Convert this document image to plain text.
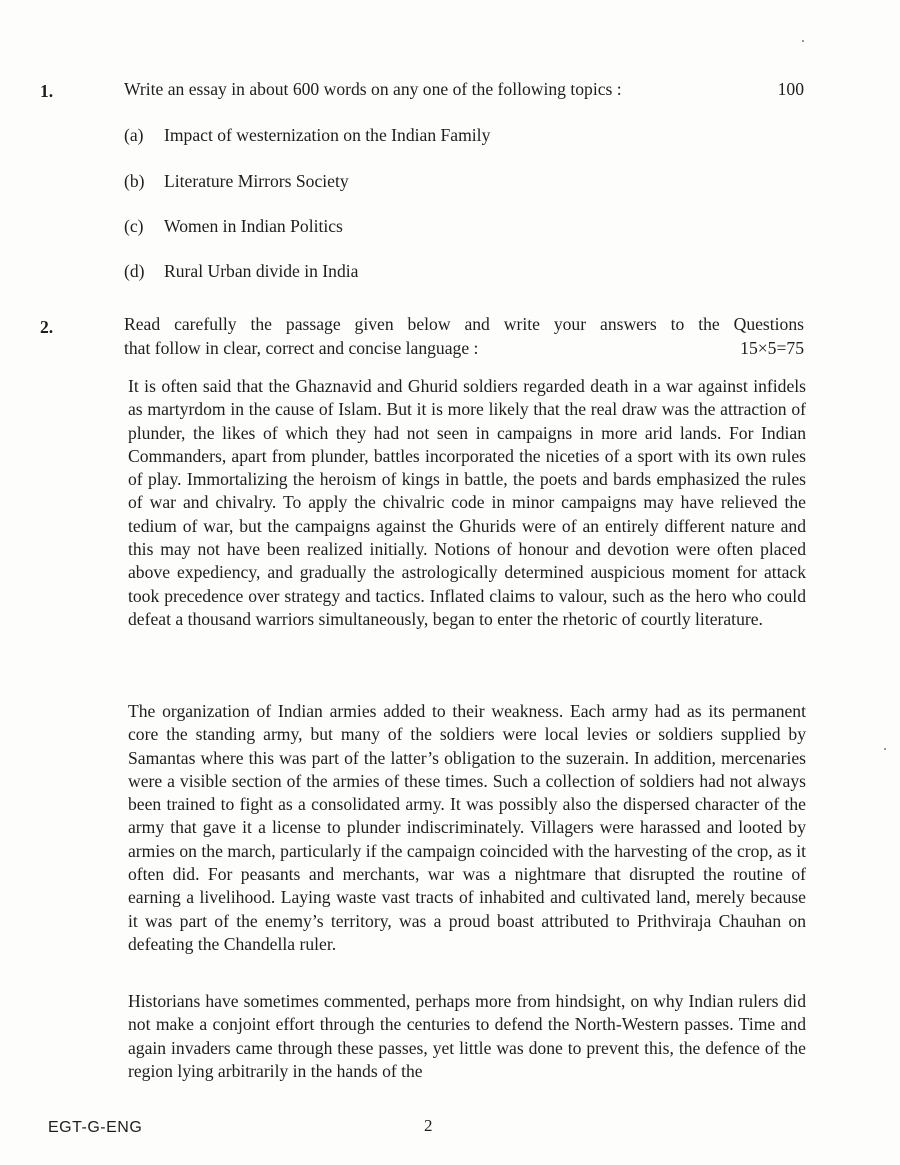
1.	Write an essay in about 600 words on any one of the following topics :	100
(a) Impact of westernization on the Indian Family
(b) Literature Mirrors Society
(c) Women in Indian Politics
(d) Rural Urban divide in India
2.	Read carefully the passage given below and write your answers to the Questions
that follow in clear, correct and concise language :	15×5=75

It is often said that the Ghaznavid and Ghurid soldiers regarded death in a war against infidels as martyrdom in the cause of Islam. But it is more likely that the real draw was the attraction of plunder, the likes of which they had not seen in campaigns in more arid lands. For Indian Commanders, apart from plunder, battles incorporated the niceties of a sport with its own rules of play. Immortalizing the heroism of kings in battle, the poets and bards emphasized the rules of war and chivalry. To apply the chivalric code in minor campaigns may have relieved the tedium of war, but the campaigns against the Ghurids were of an entirely different nature and this may not have been realized initially. Notions of honour and devotion were often placed above expediency, and gradually the astrologically determined auspicious moment for attack took precedence over strategy and tactics. Inflated claims to valour, such as the hero who could defeat a thousand warriors simultaneously, began to enter the rhetoric of courtly literature.

The organization of Indian armies added to their weakness. Each army had as its permanent core the standing army, but many of the soldiers were local levies or soldiers supplied by Samantas where this was part of the latter’s obligation to the suzerain. In addition, mercenaries were a visible section of the armies of these times. Such a collection of soldiers had not always been trained to fight as a consolidated army. It was possibly also the dispersed character of the army that gave it a license to plunder indiscriminately. Villagers were harassed and looted by armies on the march, particularly if the campaign coincided with the harvesting of the crop, as it often did. For peasants and merchants, war was a nightmare that disrupted the routine of earning a livelihood. Laying waste vast tracts of inhabited and cultivated land, merely because it was part of the enemy’s territory, was a proud boast attributed to Prithviraja Chauhan on defeating the Chandella ruler.

Historians have sometimes commented, perhaps more from hindsight, on why Indian rulers did not make a conjoint effort through the centuries to defend the North-Western passes. Time and again invaders came through these passes, yet little was done to prevent this, the defence of the region lying arbitrarily in the hands of the

EGT-G-ENG	2
